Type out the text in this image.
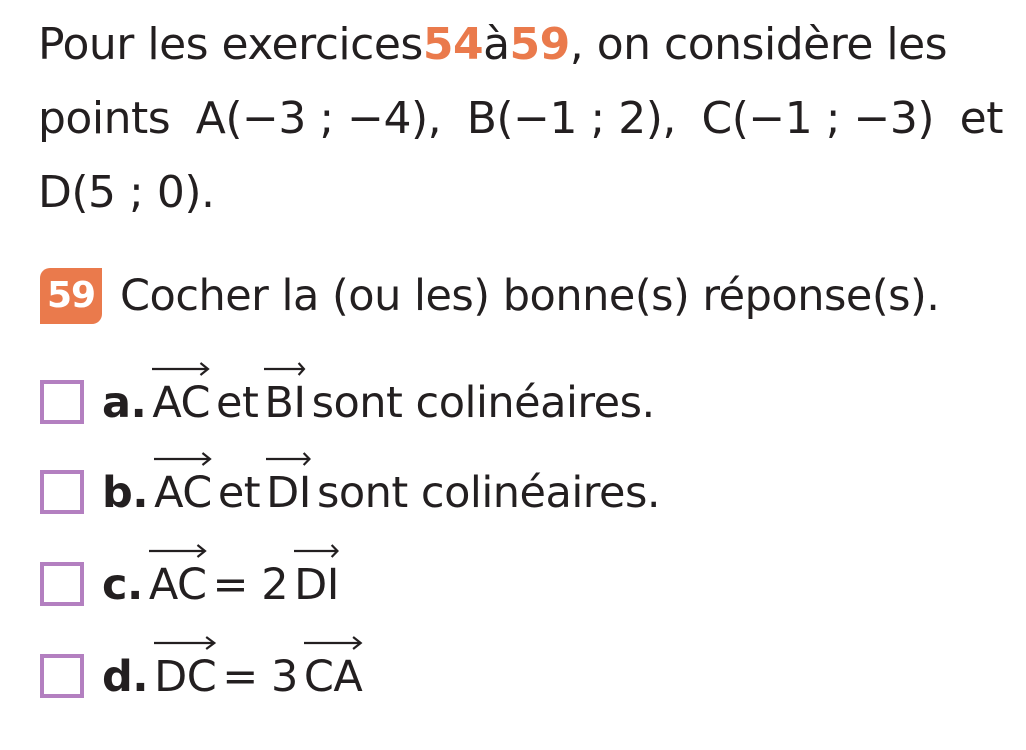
Pour les exercices 54 à 59 , on considère les
points A(−3 ; −4), B(−1 ; 2), C(−1 ; −3) et
D(5 ; 0).
59 Cocher la (ou les) bonne(s) réponse(s).
a. AC et BI sont colinéaires.
b. AC et DI sont colinéaires.
c. AC = 2 DI
d. DC = 3 CA
